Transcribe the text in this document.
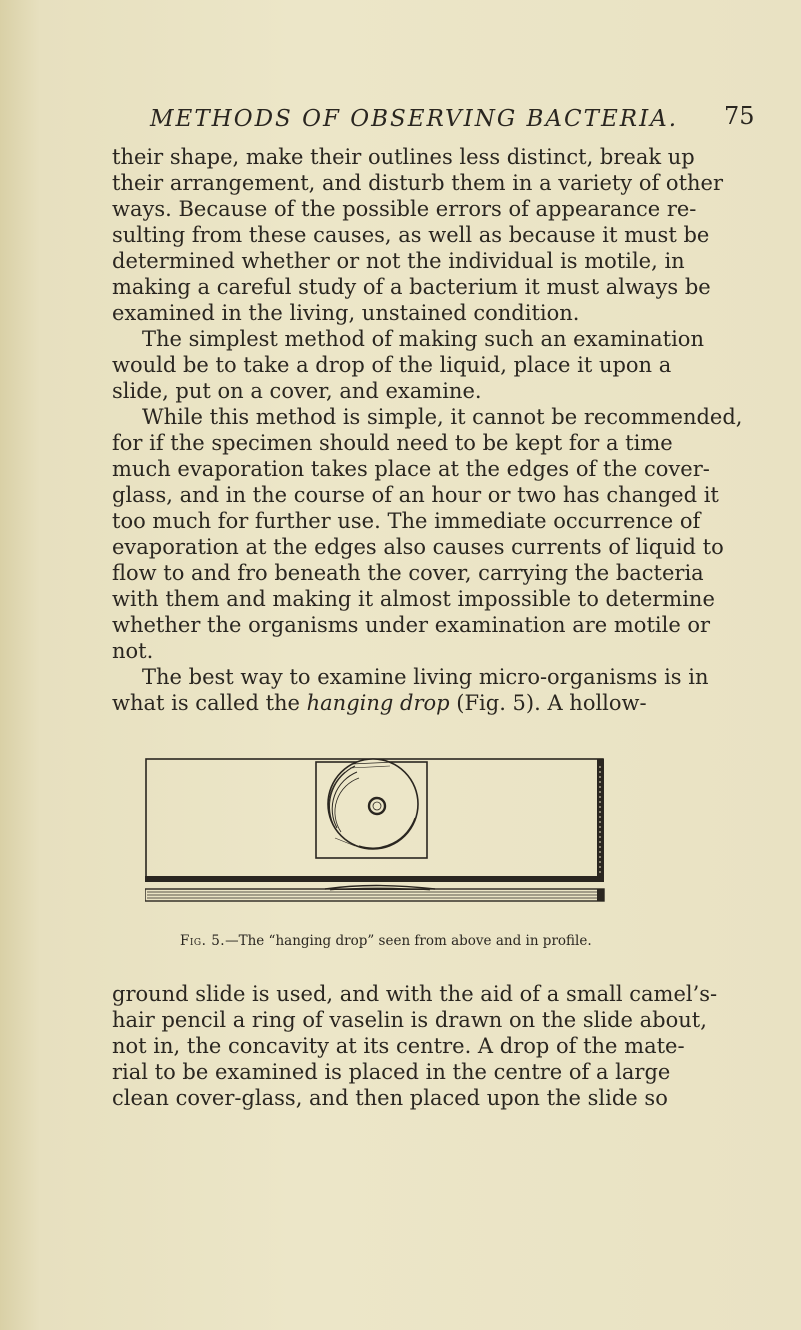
METHODS OF OBSERVING BACTERIA. 75

their shape, make their outlines less distinct, break up
their arrangement, and disturb them in a variety of other
ways. Because of the possible errors of appearance re-
sulting from these causes, as well as because it must be
determined whether or not the individual is motile, in
making a careful study of a bacterium it must always be
examined in the living, unstained condition.

The simplest method of making such an examination
would be to take a drop of the liquid, place it upon a
slide, put on a cover, and examine.

While this method is simple, it cannot be recommended,
for if the specimen should need to be kept for a time
much evaporation takes place at the edges of the cover-
glass, and in the course of an hour or two has changed it
too much for further use. The immediate occurrence of
evaporation at the edges also causes currents of liquid to
flow to and fro beneath the cover, carrying the bacteria
with them and making it almost impossible to determine
whether the organisms under examination are motile or
not.

The best way to examine living micro-organisms is in
what is called the hanging drop (Fig. 5). A hollow-

Fig. 5.—The “hanging drop” seen from above and in profile.

ground slide is used, and with the aid of a small camel’s-
hair pencil a ring of vaselin is drawn on the slide about,
not in, the concavity at its centre. A drop of the mate-
rial to be examined is placed in the centre of a large
clean cover-glass, and then placed upon the slide so
